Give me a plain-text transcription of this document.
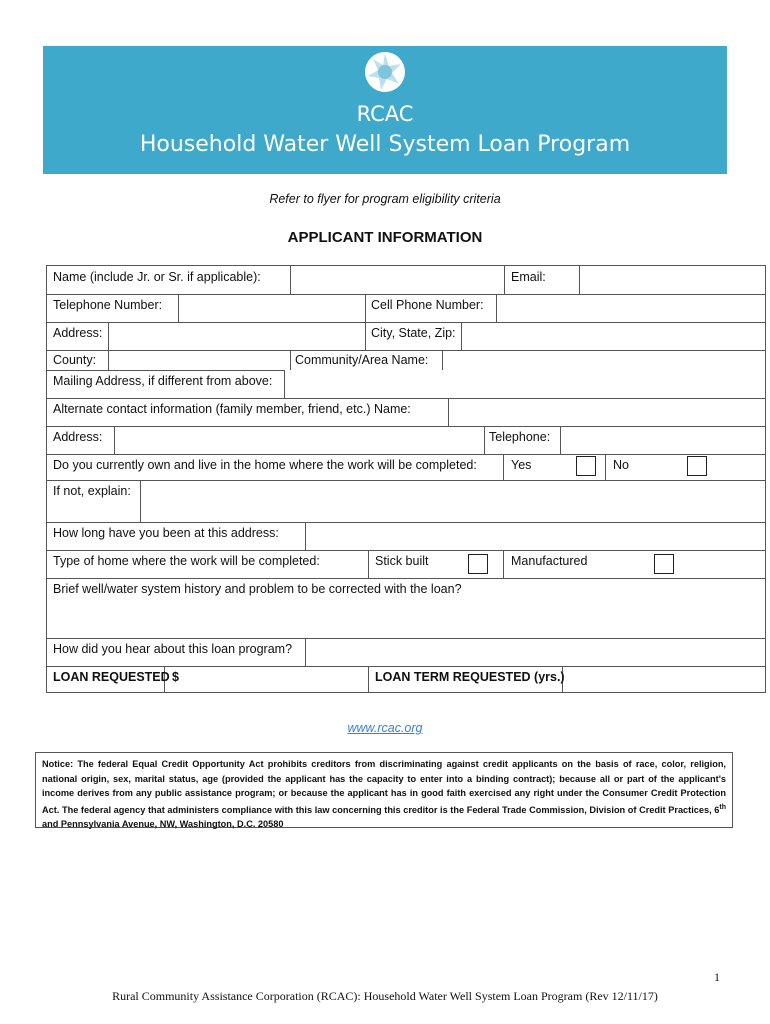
RCAC
Household Water Well System Loan Program
Refer to flyer for program eligibility criteria
APPLICANT INFORMATION
Name (include Jr. or Sr. if applicable):	Email:
Telephone Number:	Cell Phone Number:
Address:	City, State, Zip:
County:	Community/Area Name:
Mailing Address, if different from above:
Alternate contact information (family member, friend, etc.) Name:
Address:	Telephone:
Do you currently own and live in the home where the work will be completed:	Yes	No
If not, explain:
How long have you been at this address:
Type of home where the work will be completed:	Stick built	Manufactured
Brief well/water system history and problem to be corrected with the loan?
How did you hear about this loan program?
LOAN REQUESTED $	LOAN TERM REQUESTED (yrs.)
www.rcac.org
Notice: The federal Equal Credit Opportunity Act prohibits creditors from discriminating against credit applicants on the basis of race, color, religion, national origin, sex, marital status, age (provided the applicant has the capacity to enter into a binding contract); because all or part of the applicant's income derives from any public assistance program; or because the applicant has in good faith exercised any right under the Consumer Credit Protection Act. The federal agency that administers compliance with this law concerning this creditor is the Federal Trade Commission, Division of Credit Practices, 6th and Pennsylvania Avenue, NW, Washington, D.C. 20580
1
Rural Community Assistance Corporation (RCAC): Household Water Well System Loan Program (Rev 12/11/17)
